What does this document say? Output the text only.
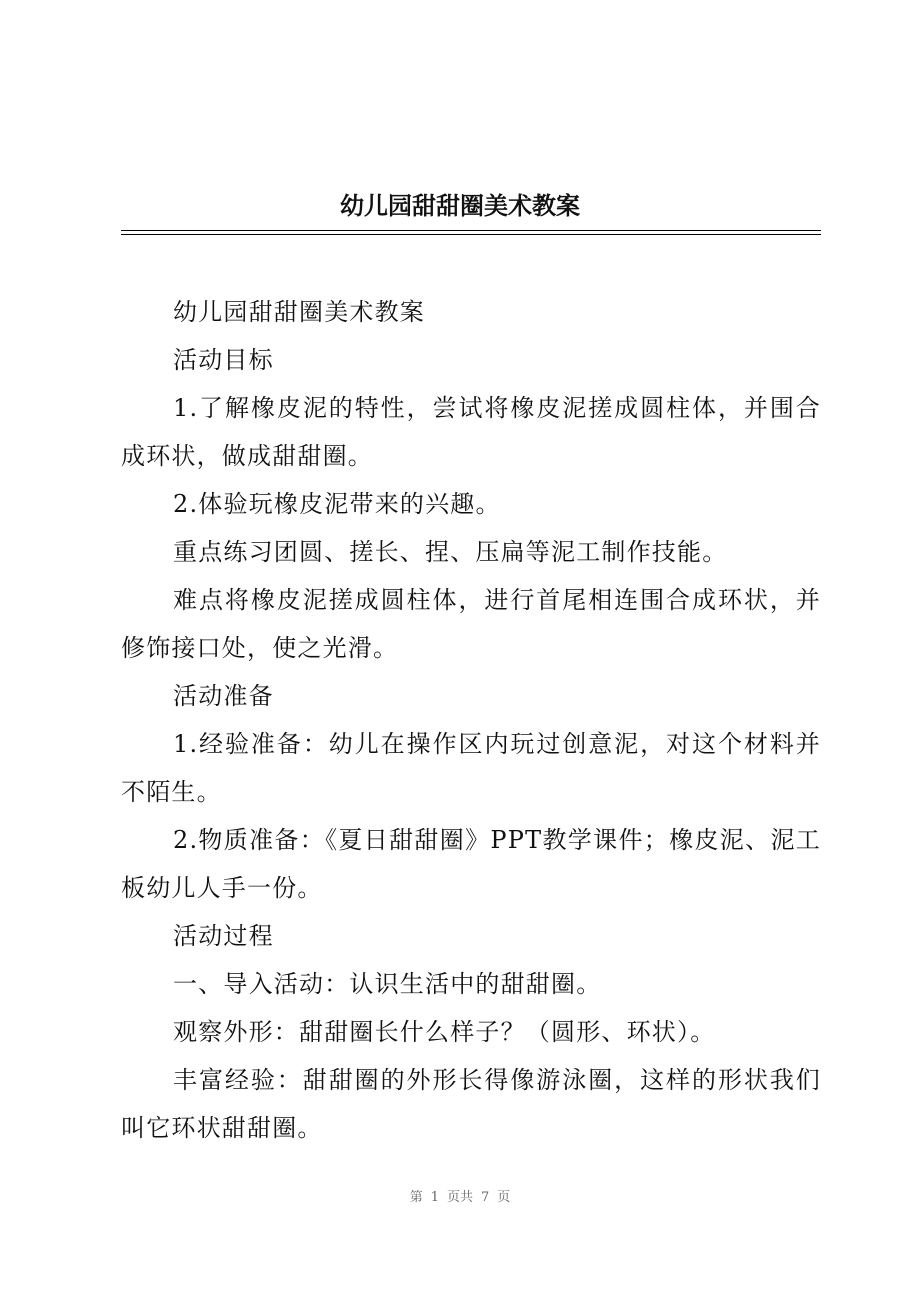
幼儿园甜甜圈美术教案

幼儿园甜甜圈美术教案

活动目标

1.了解橡皮泥的特性，尝试将橡皮泥搓成圆柱体，并围合成环状，做成甜甜圈。

2.体验玩橡皮泥带来的兴趣。

重点练习团圆、搓长、捏、压扁等泥工制作技能。

难点将橡皮泥搓成圆柱体，进行首尾相连围合成环状，并修饰接口处，使之光滑。

活动准备

1.经验准备：幼儿在操作区内玩过创意泥，对这个材料并不陌生。

2.物质准备：《夏日甜甜圈》PPT教学课件；橡皮泥、泥工板幼儿人手一份。

活动过程

一、导入活动：认识生活中的甜甜圈。

观察外形：甜甜圈长什么样子？（圆形、环状）。

丰富经验：甜甜圈的外形长得像游泳圈，这样的形状我们叫它环状甜甜圈。

第 1 页共 7 页
